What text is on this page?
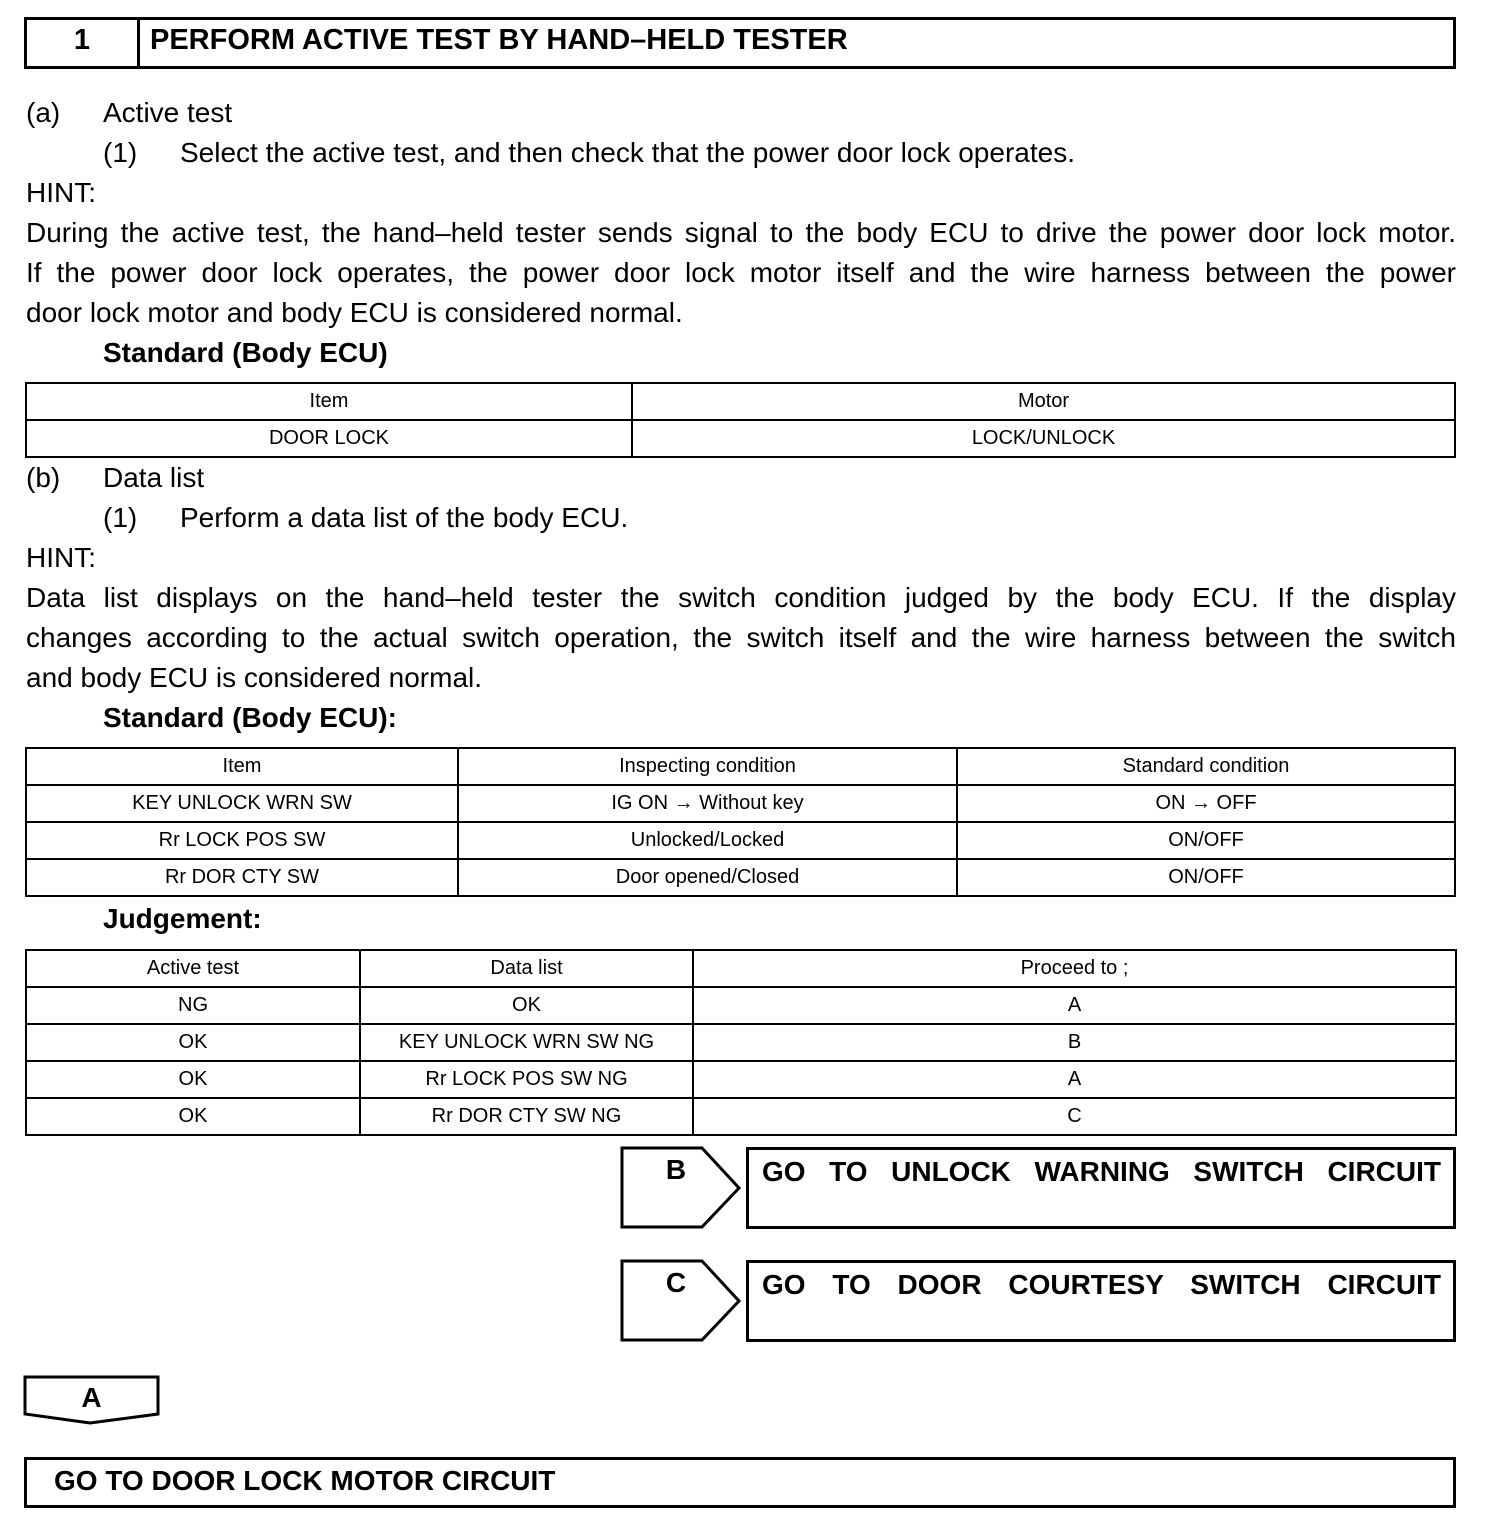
1	PERFORM ACTIVE TEST BY HAND–HELD TESTER
(a) Active test
(1) Select the active test, and then check that the power door lock operates.
HINT:
During the active test, the hand–held tester sends signal to the body ECU to drive the power door lock motor.
If the power door lock operates, the power door lock motor itself and the wire harness between the power
door lock motor and body ECU is considered normal.
Standard (Body ECU)
Item	Motor
DOOR LOCK	LOCK/UNLOCK
(b) Data list
(1) Perform a data list of the body ECU.
HINT:
Data list displays on the hand–held tester the switch condition judged by the body ECU. If the display
changes according to the actual switch operation, the switch itself and the wire harness between the switch
and body ECU is considered normal.
Standard (Body ECU):
Item	Inspecting condition	Standard condition
KEY UNLOCK WRN SW	IG ON → Without key	ON → OFF
Rr LOCK POS SW	Unlocked/Locked	ON/OFF
Rr DOR CTY SW	Door opened/Closed	ON/OFF
Judgement:
Active test	Data list	Proceed to ;
NG	OK	A
OK	KEY UNLOCK WRN SW NG	B
OK	Rr LOCK POS SW NG	A
OK	Rr DOR CTY SW NG	C
B	GO TO UNLOCK WARNING SWITCH CIRCUIT
C	GO TO DOOR COURTESY SWITCH CIRCUIT
A
GO TO DOOR LOCK MOTOR CIRCUIT
